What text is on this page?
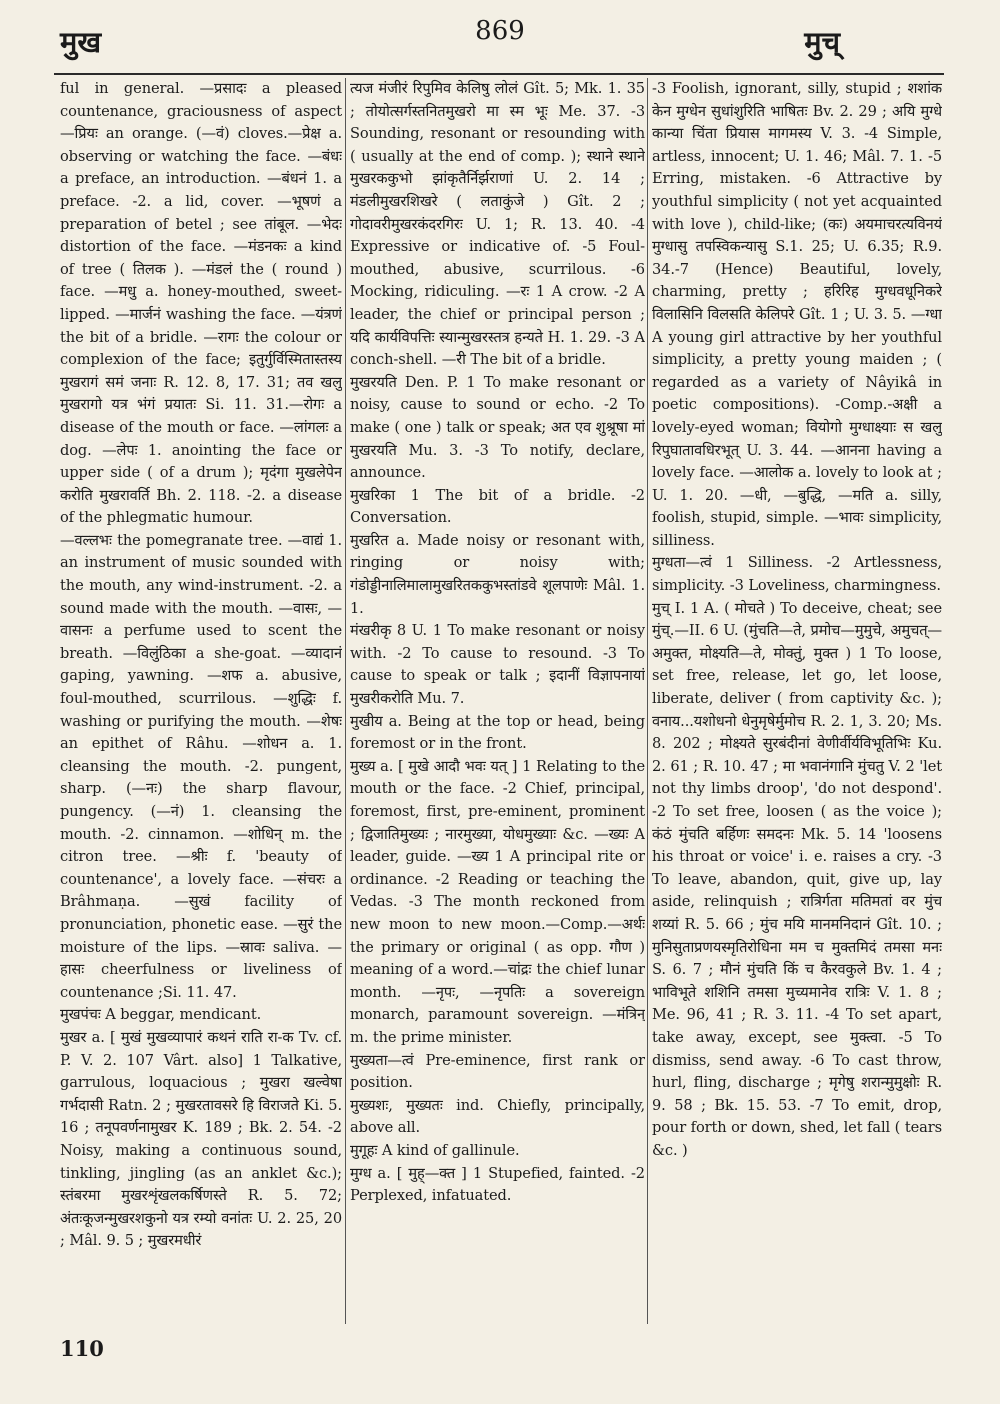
मुख	869	मुच्

ful in general. —प्रसादः a pleased countenance, graciousness of aspect —प्रियः an orange. (—वं) cloves.—प्रेक्ष a. observing or watching the face. —बंधः a preface, an introduction. —बंधनं 1. a preface. -2. a lid, cover. —भूषणं a preparation of betel ; see तांबूल. —भेदः distortion of the face. —मंडनकः a kind of tree ( तिलक ). —मंडलं the ( round ) face. —मधु a. honey-mouthed, sweet-lipped. —मार्जनं washing the face. —यंत्रणं the bit of a bridle. —रागः the colour or complexion of the face; इतुर्गुर्विस्मितास्तस्य मुखरागं समं जनाः R. 12. 8, 17. 31; तव खलु मुखरागो यत्र भंगं प्रयातः Si. 11. 31.—रोगः a disease of the mouth or face. —लांगलः a dog. —लेपः 1. anointing the face or upper side ( of a drum ); मृदंगा मुखलेपेन करोति मुखरावर्ति Bh. 2. 118. -2. a disease of the phlegmatic humour.

—वल्लभः the pomegranate tree. —वाद्यं 1. an instrument of music sounded with the mouth, any wind-instrument. -2. a sound made with the mouth. —वासः, —वासनः a perfume used to scent the breath. —विलुंठिका a she-goat. —व्यादानं gaping, yawning. —शफ a. abusive, foul-mouthed, scurrilous. —शुद्धिः f. washing or purifying the mouth. —शेषः an epithet of Râhu. —शोधन a. 1. cleansing the mouth. -2. pungent, sharp. (—नः) the sharp flavour, pungency. (—नं) 1. cleansing the mouth. -2. cinnamon. —शोधिन् m. the citron tree. —श्रीः f. 'beauty of countenance', a lovely face. —संचरः a Brâhmaṇa. —सुखं facility of pronunciation, phonetic ease. —सुरं the moisture of the lips. —स्रावः saliva. —हासः cheerfulness or liveliness of countenance ;Si. 11. 47.

मुखपंचः A beggar, mendicant.

मुखर a. [ मुखं मुखव्यापारं कथनं राति रा-क Tv. cf. P. V. 2. 107 Vârt. also] 1 Talkative, garrulous, loquacious ; मुखरा खल्वेषा गर्भदासी Ratn. 2 ; मुखरतावसरे हि विराजते Ki. 5. 16 ; तनूपवर्णनामुखर K. 189 ; Bk. 2. 54. -2 Noisy, making a continuous sound, tinkling, jingling (as an anklet &c.); स्तंबरमा मुखरशृंखलकर्षिणस्ते R. 5. 72; अंतःकूजन्मुखरशकुनो यत्र रम्यो वनांतः U. 2. 25, 20 ; Mâl. 9. 5 ; मुखरमधीरं

त्यज मंजीरं रिपुमिव केलिषु लोलं Gît. 5; Mk. 1. 35 ; तोयोत्सर्गस्तनितमुखरो मा स्म भूः Me. 37. -3 Sounding, resonant or resounding with ( usually at the end of comp. ); स्थाने स्थाने मुखरककुभो झांकृतैर्निर्झराणां U. 2. 14 ; मंडलीमुखरशिखरे ( लताकुंजे ) Gît. 2 ; गोदावरीमुखरकंदरगिरः U. 1; R. 13. 40. -4 Expressive or indicative of. -5 Foul-mouthed, abusive, scurrilous. -6 Mocking, ridiculing. —रः 1 A crow. -2 A leader, the chief or principal person ; यदि कार्यविपत्तिः स्यान्मुखरस्तत्र हन्यते H. 1. 29. -3 A conch-shell. —री The bit of a bridle.

मुखरयति Den. P. 1 To make resonant or noisy, cause to sound or echo. -2 To make ( one ) talk or speak; अत एव शुश्रूषा मां मुखरयति Mu. 3. -3 To notify, declare, announce.

मुखरिका 1 The bit of a bridle. -2 Conversation.

मुखरित a. Made noisy or resonant with, ringing or noisy with; गंडोड्डीनालिमालामुखरितककुभस्तांडवे शूलपाणेः Mâl. 1. 1.

मंखरीकृ 8 U. 1 To make resonant or noisy with. -2 To cause to resound. -3 To cause to speak or talk ; इदानीं विज्ञापनायां मुखरीकरोति Mu. 7.

मुखीय a. Being at the top or head, being foremost or in the front.

मुख्य a. [ मुखे आदौ भवः यत् ] 1 Relating to the mouth or the face. -2 Chief, principal, foremost, first, pre-eminent, prominent ; द्विजातिमुख्यः ; नारमुख्या, योधमुख्याः &c. —ख्यः A leader, guide. —ख्य 1 A principal rite or ordinance. -2 Reading or teaching the Vedas. -3 The month reckoned from new moon to new moon.—Comp.—अर्थः the primary or original ( as opp. गौण ) meaning of a word.—चांद्रः the chief lunar month. —नृपः, —नृपतिः a sovereign monarch, paramount sovereign. —मंत्रिन् m. the prime minister.

मुख्यता—त्वं Pre-eminence, first rank or position.

मुख्यशः, मुख्यतः ind. Chiefly, principally, above all.

मुगूहः A kind of gallinule.

मुग्ध a. [ मुह्—क्त ] 1 Stupefied, fainted. -2 Perplexed, infatuated.

-3 Foolish, ignorant, silly, stupid ; शशांक केन मुग्धेन सुधांशुरिति भाषितः Bv. 2. 29 ; अयि मुग्धे कान्या चिंता प्रियास मागमस्य V. 3. -4 Simple, artless, innocent; U. 1. 46; Mâl. 7. 1. -5 Erring, mistaken. -6 Attractive by youthful simplicity ( not yet acquainted with love ), child-like; (कः) अयमाचरत्यविनयं मुग्धासु तपस्विकन्यासु S.1. 25; U. 6.35; R.9. 34.-7 (Hence) Beautiful, lovely, charming, pretty ; हरिरिह मुग्धवधूनिकरे विलासिनि विलसति केलिपरे Gît. 1 ; U. 3. 5. —ग्धा A young girl attractive by her youthful simplicity, a pretty young maiden ; ( regarded as a variety of Nâyikâ in poetic compositions). -Comp.-अक्षी a lovely-eyed woman; वियोगो मुग्धाक्ष्याः स खलु रिपुघातावधिरभूत् U. 3. 44. —आनना having a lovely face. —आलोक a. lovely to look at ; U. 1. 20. —धी, —बुद्धि, —मति a. silly, foolish, stupid, simple. —भावः simplicity, silliness.

मुग्धता—त्वं 1 Silliness. -2 Artlessness, simplicity. -3 Loveliness, charmingness.

मुच् I. 1 A. ( मोचते ) To deceive, cheat; see मुंच्.—II. 6 U. (मुंचति—ते, प्रमोच—मुमुचे, अमुचत्—अमुक्त, मोक्ष्यति—ते, मोक्तुं, मुक्त ) 1 To loose, set free, release, let go, let loose, liberate, deliver ( from captivity &c. ); वनाय...यशोधनो धेनुमृषेर्मुमोच R. 2. 1, 3. 20; Ms. 8. 202 ; मोक्ष्यते सुरबंदीनां वेणीर्वीर्यविभूतिभिः Ku. 2. 61 ; R. 10. 47 ; मा भवानंगानि मुंचतु V. 2 'let not thy limbs droop', 'do not despond'. -2 To set free, loosen ( as the voice ); कंठं मुंचति बर्हिणः समदनः Mk. 5. 14 'loosens his throat or voice' i. e. raises a cry. -3 To leave, abandon, quit, give up, lay aside, relinquish ; रात्रिर्गता मतिमतां वर मुंच शय्यां R. 5. 66 ; मुंच मयि मानमनिदानं Gît. 10. ; मुनिसुताप्रणयस्मृतिरोधिना मम च मुक्तमिदं तमसा मनः S. 6. 7 ; मौनं मुंचति किं च कैरवकुले Bv. 1. 4 ; भाविभूते शशिनि तमसा मुच्यमानेव रात्रिः V. 1. 8 ; Me. 96, 41 ; R. 3. 11. -4 To set apart, take away, except, see मुक्त्वा. -5 To dismiss, send away. -6 To cast throw, hurl, fling, discharge ; मृगेषु शरान्मुमुक्षोः R. 9. 58 ; Bk. 15. 53. -7 To emit, drop, pour forth or down, shed, let fall ( tears &c. )

110
